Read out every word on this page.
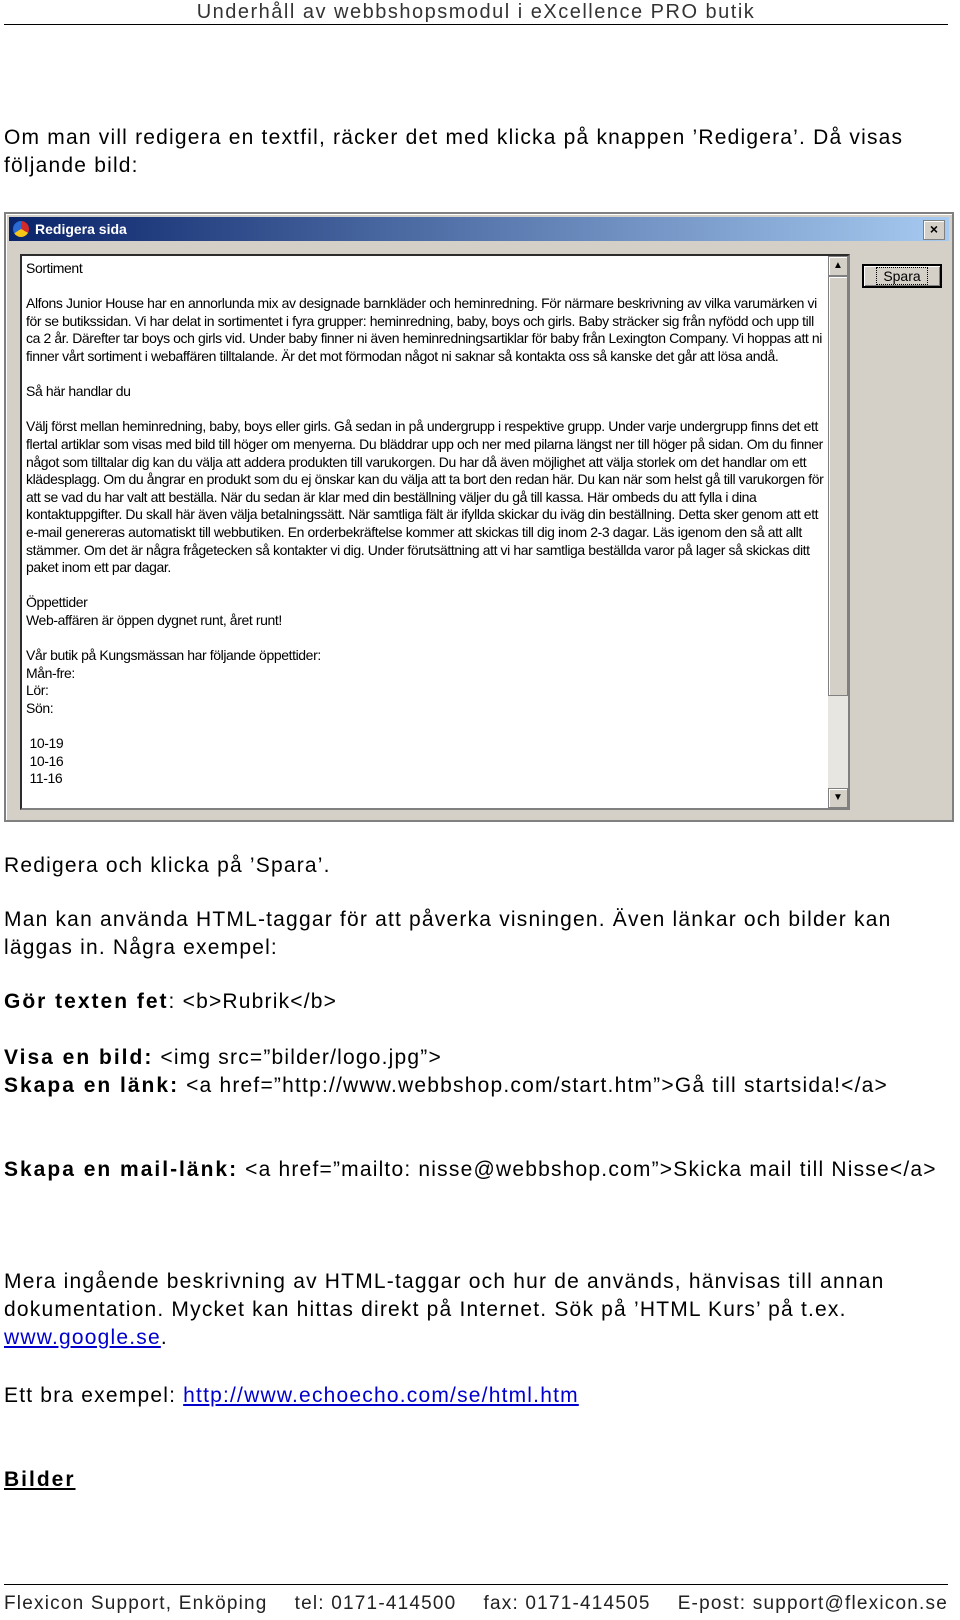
Underhåll av webbshopsmodul i eXcellence PRO butik

Om man vill redigera en textfil, räcker det med klicka på knappen ’Redigera’. Då visas följande bild:

Redigera sida	×
Sortiment

Alfons Junior House har en annorlunda mix av designade barnkläder och heminredning. För närmare beskrivning av vilka varumärken vi för se butikssidan. Vi har delat in sortimentet i fyra grupper: heminredning, baby, boys och girls. Baby sträcker sig från nyfödd och upp till ca 2 år. Därefter tar boys och girls vid. Under baby finner ni även heminredningsartiklar för baby från Lexington Company. Vi hoppas att ni finner vårt sortiment i webaffären tilltalande. Är det mot förmodan något ni saknar så kontakta oss så kanske det går att lösa andå.

Så här handlar du

Välj först mellan heminredning, baby, boys eller girls. Gå sedan in på undergrupp i respektive grupp. Under varje undergrupp finns det ett flertal artiklar som visas med bild till höger om menyerna. Du bläddrar upp och ner med pilarna längst ner till höger på sidan. Om du finner något som tilltalar dig kan du välja att addera produkten till varukorgen. Du har då även möjlighet att välja storlek om det handlar om ett klädesplagg. Om du ångrar en produkt som du ej önskar kan du välja att ta bort den redan här. Du kan när som helst gå till varukorgen för att se vad du har valt att beställa. När du sedan är klar med din beställning väljer du gå till kassa. Här ombeds du att fylla i dina kontaktuppgifter. Du skall här även välja betalningssätt. När samtliga fält är ifyllda skickar du iväg din beställning. Detta sker genom att ett e-mail genereras automatiskt till webbutiken. En orderbekräftelse kommer att skickas till dig inom 2-3 dagar. Läs igenom den så att allt stämmer. Om det är några frågetecken så kontakter vi dig. Under förutsättning att vi har samtliga beställda varor på lager så skickas ditt paket inom ett par dagar.

Öppettider
Web-affären är öppen dygnet runt, året runt!

Vår butik på Kungsmässan har följande öppettider:
Mån-fre:
Lör:
Sön:

10-19
10-16
11-16
▲
▼
Spara

Redigera och klicka på ’Spara’.

Man kan använda HTML-taggar för att påverka visningen. Även länkar och bilder kan läggas in. Några exempel:

Gör texten fet: <b>Rubrik</b>

Visa en bild: <img src=”bilder/logo.jpg”>

Skapa en länk: <a href=”http://www.webbshop.com/start.htm”>Gå till startsida!</a>

Skapa en mail-länk: <a href=”mailto: nisse@webbshop.com”>Skicka mail till Nisse</a>

Mera ingående beskrivning av HTML-taggar och hur de används, hänvisas till annan dokumentation. Mycket kan hittas direkt på Internet. Sök på ’HTML Kurs’ på t.ex. www.google.se.

Ett bra exempel: http://www.echoecho.com/se/html.htm

Bilder

Flexicon Support, Enköping tel: 0171-414500 fax: 0171-414505 E-post: support@flexicon.se
